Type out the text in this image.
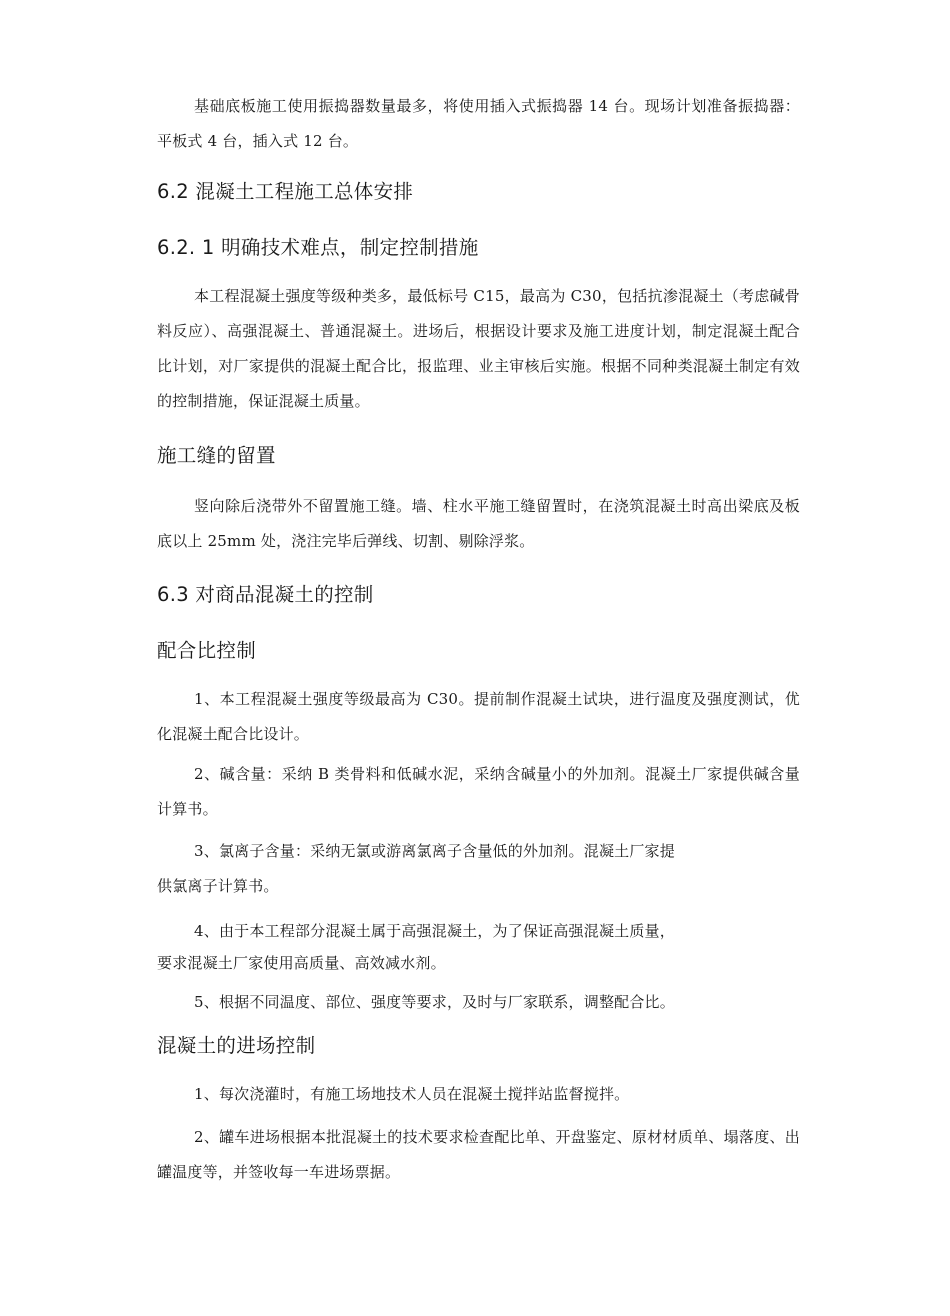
基础底板施工使用振捣器数量最多，将使用插入式振捣器 14 台。现场计划准备振捣器：平板式 4 台，插入式 12 台。

6.2 混凝土工程施工总体安排
6.2. 1 明确技术难点，制定控制措施

本工程混凝土强度等级种类多，最低标号 C15，最高为 C30，包括抗渗混凝土（考虑碱骨料反应）、高强混凝土、普通混凝土。进场后，根据设计要求及施工进度计划，制定混凝土配合比计划，对厂家提供的混凝土配合比，报监理、业主审核后实施。根据不同种类混凝土制定有效的控制措施，保证混凝土质量。

施工缝的留置

竖向除后浇带外不留置施工缝。墙、柱水平施工缝留置时，在浇筑混凝土时高出梁底及板底以上 25mm 处，浇注完毕后弹线、切割、剔除浮浆。

6.3 对商品混凝土的控制
配合比控制

1、本工程混凝土强度等级最高为 C30。提前制作混凝土试块，进行温度及强度测试，优化混凝土配合比设计。

2、碱含量：采纳 B 类骨料和低碱水泥，采纳含碱量小的外加剂。混凝土厂家提供碱含量计算书。

3、氯离子含量：采纳无氯或游离氯离子含量低的外加剂。混凝土厂家提

供氯离子计算书。

4、由于本工程部分混凝土属于高强混凝土，为了保证高强混凝土质量，

要求混凝土厂家使用高质量、高效减水剂。

5、根据不同温度、部位、强度等要求，及时与厂家联系，调整配合比。

混凝土的进场控制

1、每次浇灌时，有施工场地技术人员在混凝土搅拌站监督搅拌。

2、罐车进场根据本批混凝土的技术要求检查配比单、开盘鉴定、原材材质单、塌落度、出罐温度等，并签收每一车进场票据。
